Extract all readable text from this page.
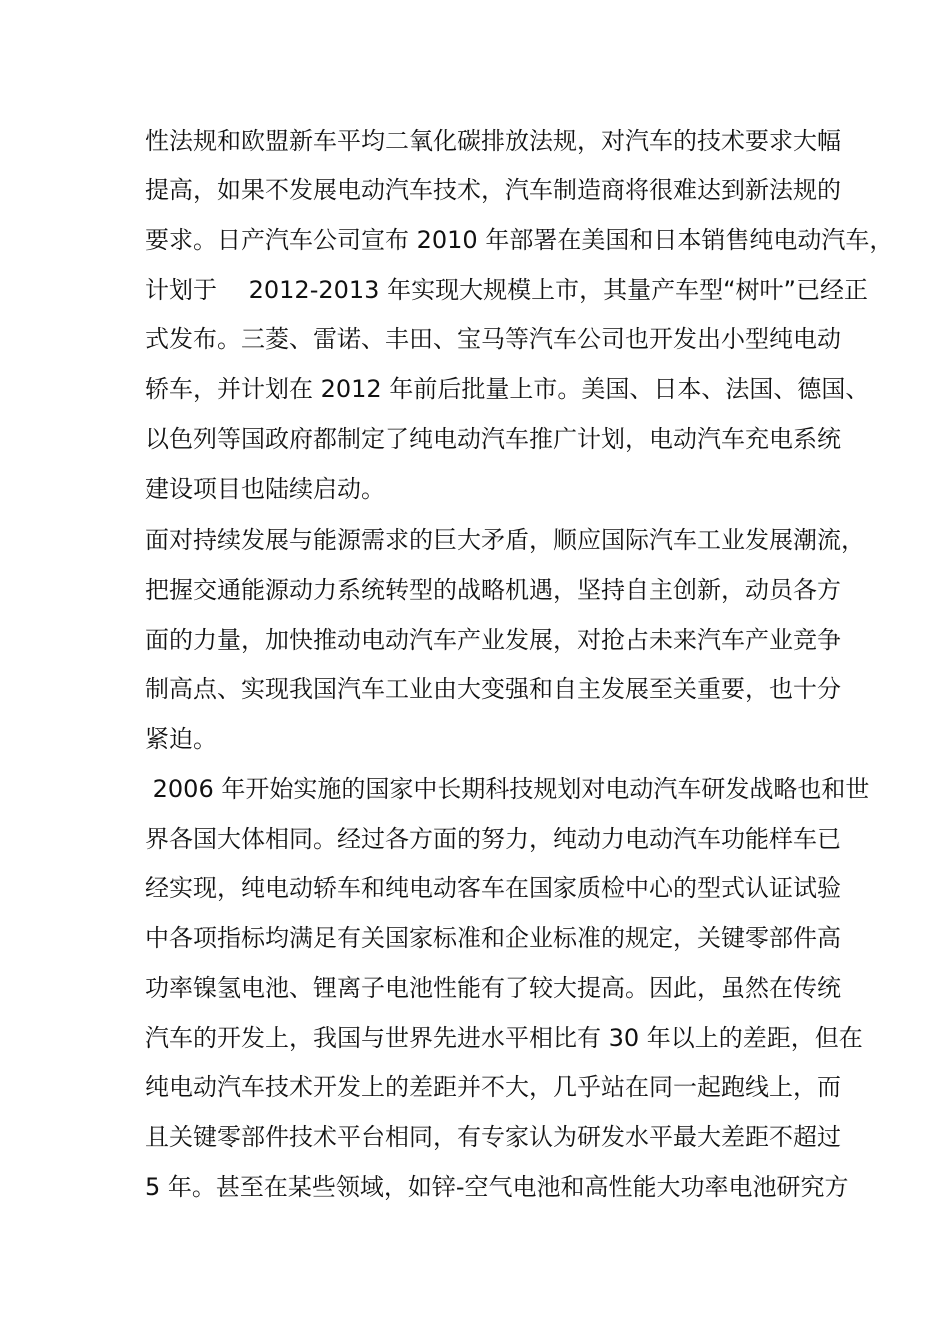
性法规和欧盟新车平均二氧化碳排放法规，对汽车的技术要求大幅
提高，如果不发展电动汽车技术，汽车制造商将很难达到新法规的
要求。日产汽车公司宣布 2010 年部署在美国和日本销售纯电动汽车，
计划于　 2012-2013 年实现大规模上市，其量产车型“树叶”已经正
式发布。三菱、雷诺、丰田、宝马等汽车公司也开发出小型纯电动
轿车，并计划在 2012 年前后批量上市。美国、日本、法国、德国、
以色列等国政府都制定了纯电动汽车推广计划，电动汽车充电系统
建设项目也陆续启动。
面对持续发展与能源需求的巨大矛盾，顺应国际汽车工业发展潮流，
把握交通能源动力系统转型的战略机遇，坚持自主创新，动员各方
面的力量，加快推动电动汽车产业发展，对抢占未来汽车产业竞争
制高点、实现我国汽车工业由大变强和自主发展至关重要，也十分
紧迫。
2006 年开始实施的国家中长期科技规划对电动汽车研发战略也和世
界各国大体相同。经过各方面的努力，纯动力电动汽车功能样车已
经实现，纯电动轿车和纯电动客车在国家质检中心的型式认证试验
中各项指标均满足有关国家标准和企业标准的规定，关键零部件高
功率镍氢电池、锂离子电池性能有了较大提高。因此，虽然在传统
汽车的开发上，我国与世界先进水平相比有 30 年以上的差距，但在
纯电动汽车技术开发上的差距并不大，几乎站在同一起跑线上，而
且关键零部件技术平台相同，有专家认为研发水平最大差距不超过
5 年。甚至在某些领域，如锌-空气电池和高性能大功率电池研究方
